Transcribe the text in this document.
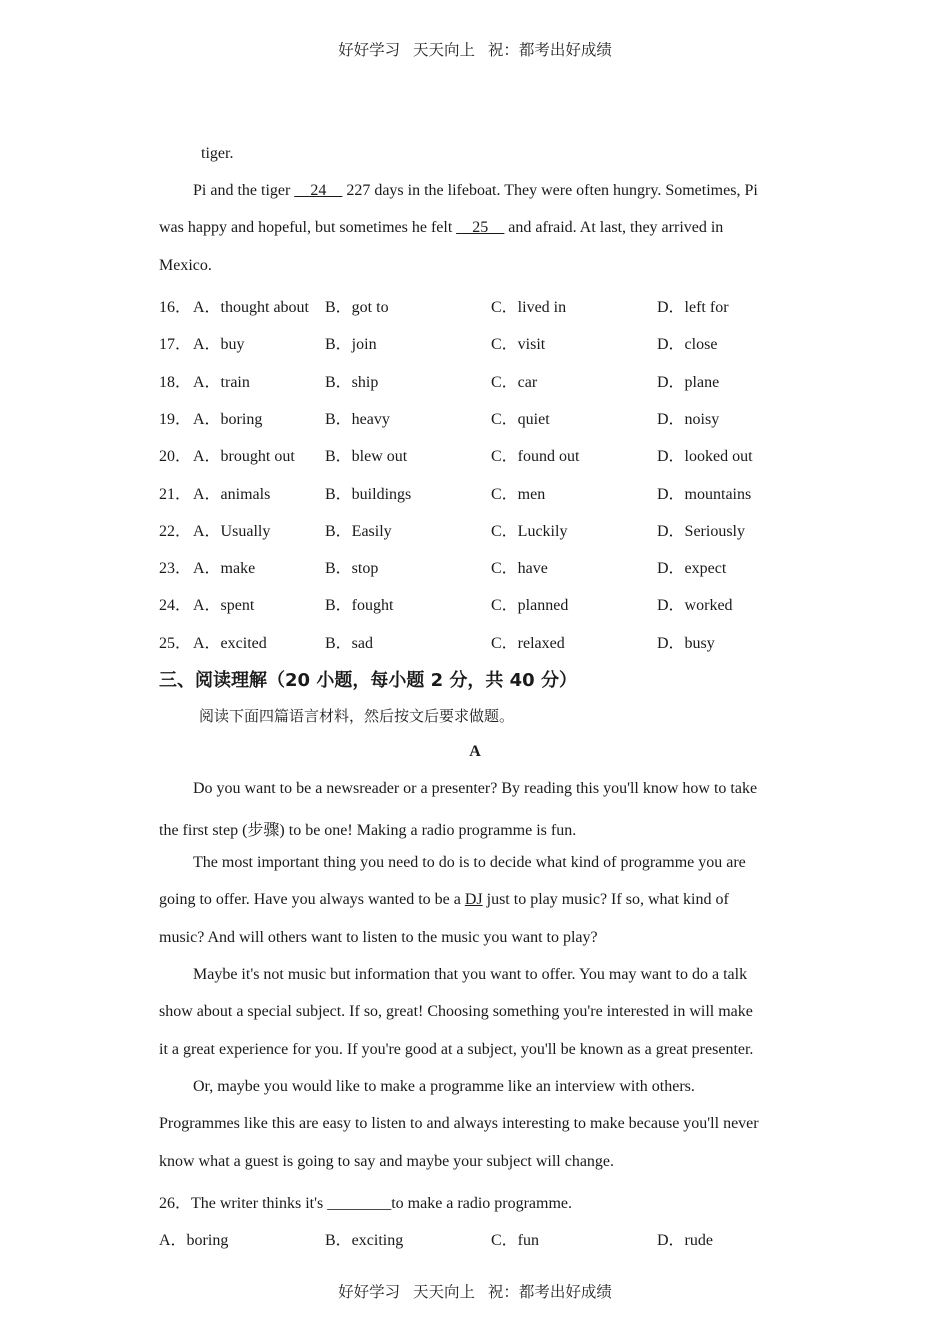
好好学习 天天向上 祝：都考出好成绩
tiger.
Pi and the tiger __24__ 227 days in the lifeboat. They were often hungry. Sometimes, Pi
was happy and hopeful, but sometimes he felt __25__ and afraid. At last, they arrived in
Mexico.
16． A．thought about B．got to	C．lived in	D．left for
17． A．buy	B．join	C．visit	D．close
18． A．train	B．ship	C．car	D．plane
19． A．boring	B．heavy	C．quiet	D．noisy
20． A．brought out B．blew out	C．found out	D．looked out
21． A．animals	B．buildings	C．men	D．mountains
22． A．Usually	B．Easily	C．Luckily	D．Seriously
23． A．make	B．stop	C．have	D．expect
24． A．spent	B．fought	C．planned	D．worked
25． A．excited	B．sad	C．relaxed	D．busy
三、阅读理解（20 小题，每小题 2 分，共 40 分）
阅读下面四篇语言材料，然后按文后要求做题。
A
Do you want to be a newsreader or a presenter? By reading this you'll know how to take
the first step (步骤) to be one! Making a radio programme is fun.
The most important thing you need to do is to decide what kind of programme you are
going to offer. Have you always wanted to be a DJ just to play music? If so, what kind of
music? And will others want to listen to the music you want to play?
Maybe it's not music but information that you want to offer. You may want to do a talk
show about a special subject. If so, great! Choosing something you're interested in will make
it a great experience for you. If you're good at a subject, you'll be known as a great presenter.
Or, maybe you would like to make a programme like an interview with others.
Programmes like this are easy to listen to and always interesting to make because you'll never
know what a guest is going to say and maybe your subject will change.
26．The writer thinks it's ________to make a radio programme.
A．boring	B．exciting	C．fun	D．rude
好好学习 天天向上 祝：都考出好成绩
